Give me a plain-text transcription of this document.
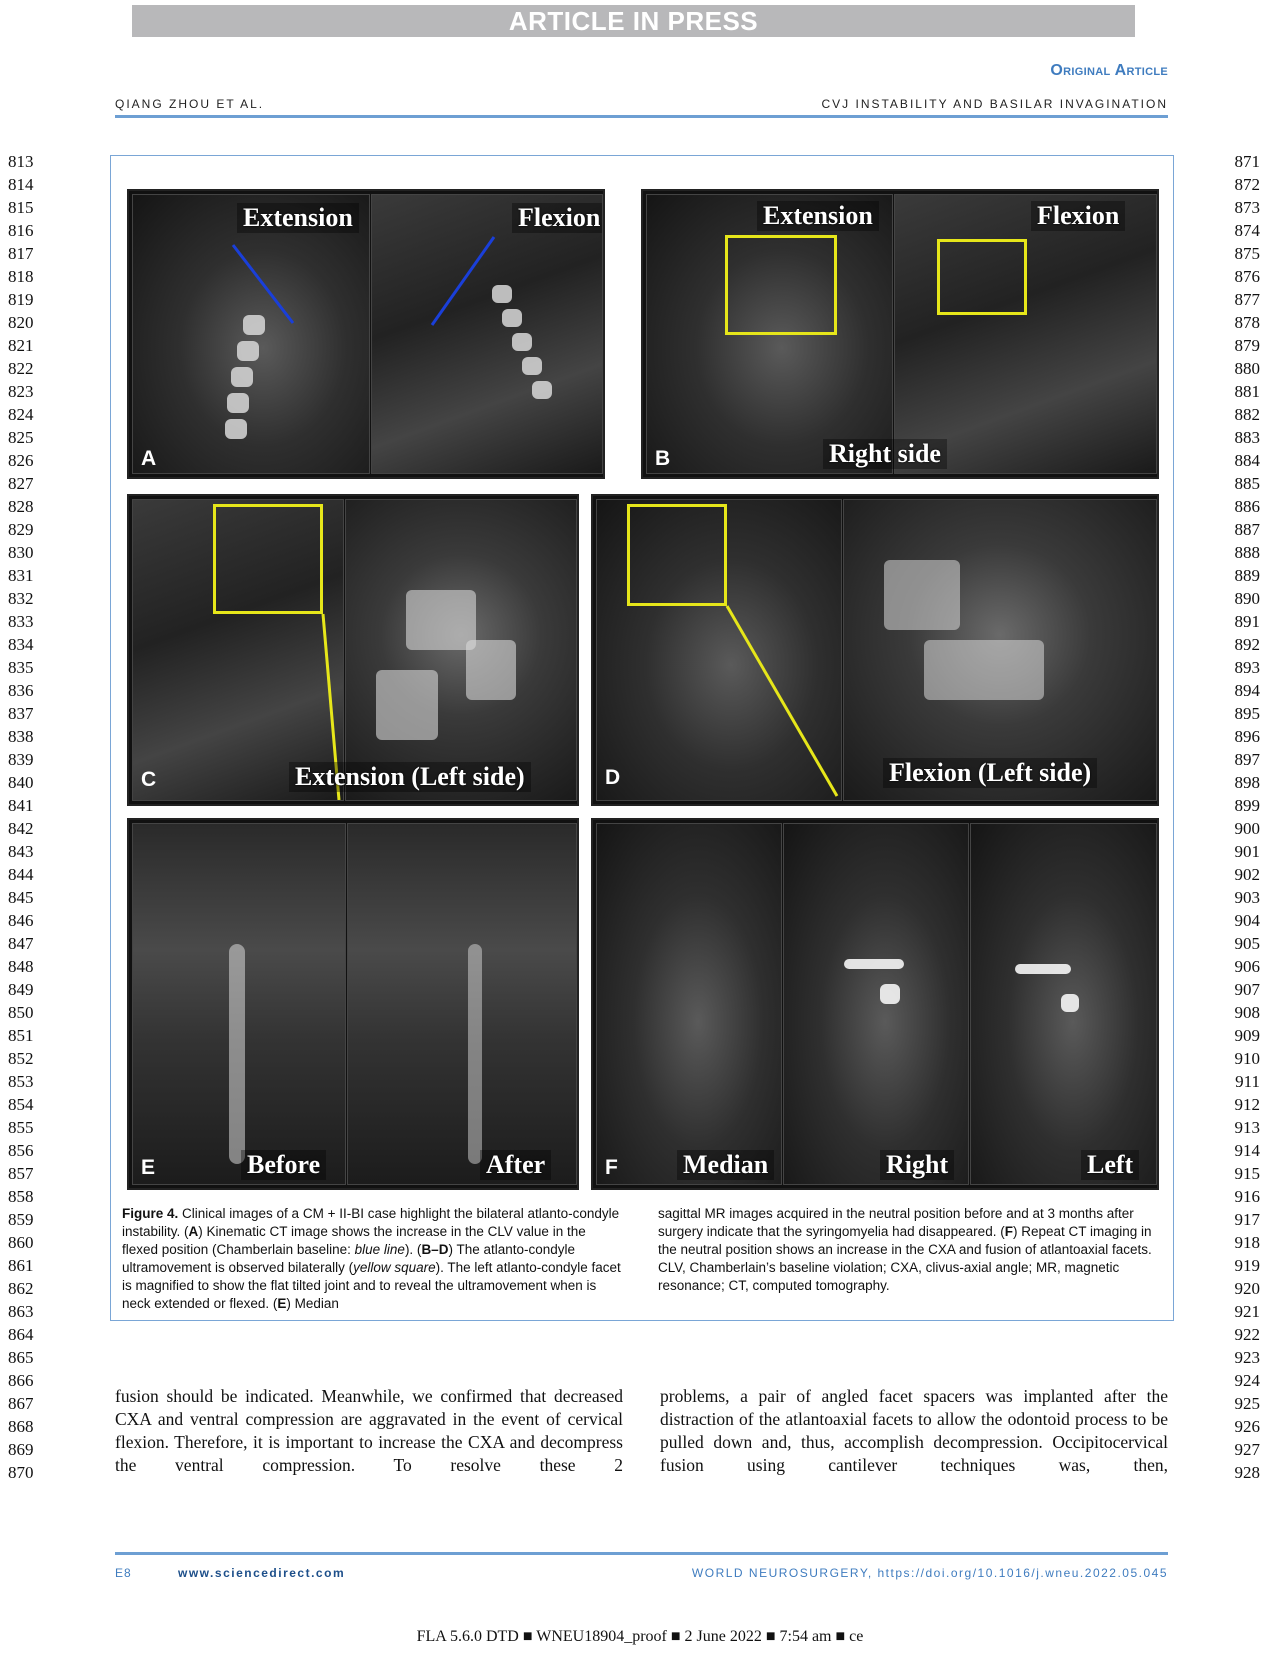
ARTICLE IN PRESS
Original Article
QIANG ZHOU ET AL.	CVJ INSTABILITY AND BASILAR INVAGINATION
813
814
815
816
817
818
819
820
821
822
823
824
825
826
827
828
829
830
831
832
833
834
835
836
837
838
839
840
841
842
843
844
845
846
847
848
849
850
851
852
853
854
855
856
857
858
859
860
861
862
863
864
865
866
867
868
869
870
871
872
873
874
875
876
877
878
879
880
881
882
883
884
885
886
887
888
889
890
891
892
893
894
895
896
897
898
899
900
901
902
903
904
905
906
907
908
909
910
911
912
913
914
915
916
917
918
919
920
921
922
923
924
925
926
927
928
Extension
A
Flexion	Extension
B
Flexion
Right side
C	Extension (Left side)	D	Flexion (Left side)
E	Before	After	F	Median	Right	Left
Figure 4. Clinical images of a CM + II-BI case highlight the bilateral atlanto-condyle instability. (A) Kinematic CT image shows the increase in the CLV value in the flexed position (Chamberlain baseline: blue line). (B–D) The atlanto-condyle ultramovement is observed bilaterally (yellow square). The left atlanto-condyle facet is magnified to show the flat tilted joint and to reveal the ultramovement when is neck extended or flexed. (E) Median
sagittal MR images acquired in the neutral position before and at 3 months after surgery indicate that the syringomyelia had disappeared. (F) Repeat CT imaging in the neutral position shows an increase in the CXA and fusion of atlantoaxial facets. CLV, Chamberlain’s baseline violation; CXA, clivus-axial angle; MR, magnetic resonance; CT, computed tomography.
fusion should be indicated. Meanwhile, we confirmed that decreased CXA and ventral compression are aggravated in the event of cervical flexion. Therefore, it is important to increase the CXA and decompress the ventral compression. To resolve these 2
problems, a pair of angled facet spacers was implanted after the distraction of the atlantoaxial facets to allow the odontoid process to be pulled down and, thus, accomplish decompression. Occipitocervical fusion using cantilever techniques was, then,
E8	www.sciencedirect.com	WORLD NEUROSURGERY, https://doi.org/10.1016/j.wneu.2022.05.045
FLA 5.6.0 DTD ■ WNEU18904_proof ■ 2 June 2022 ■ 7:54 am ■ ce
